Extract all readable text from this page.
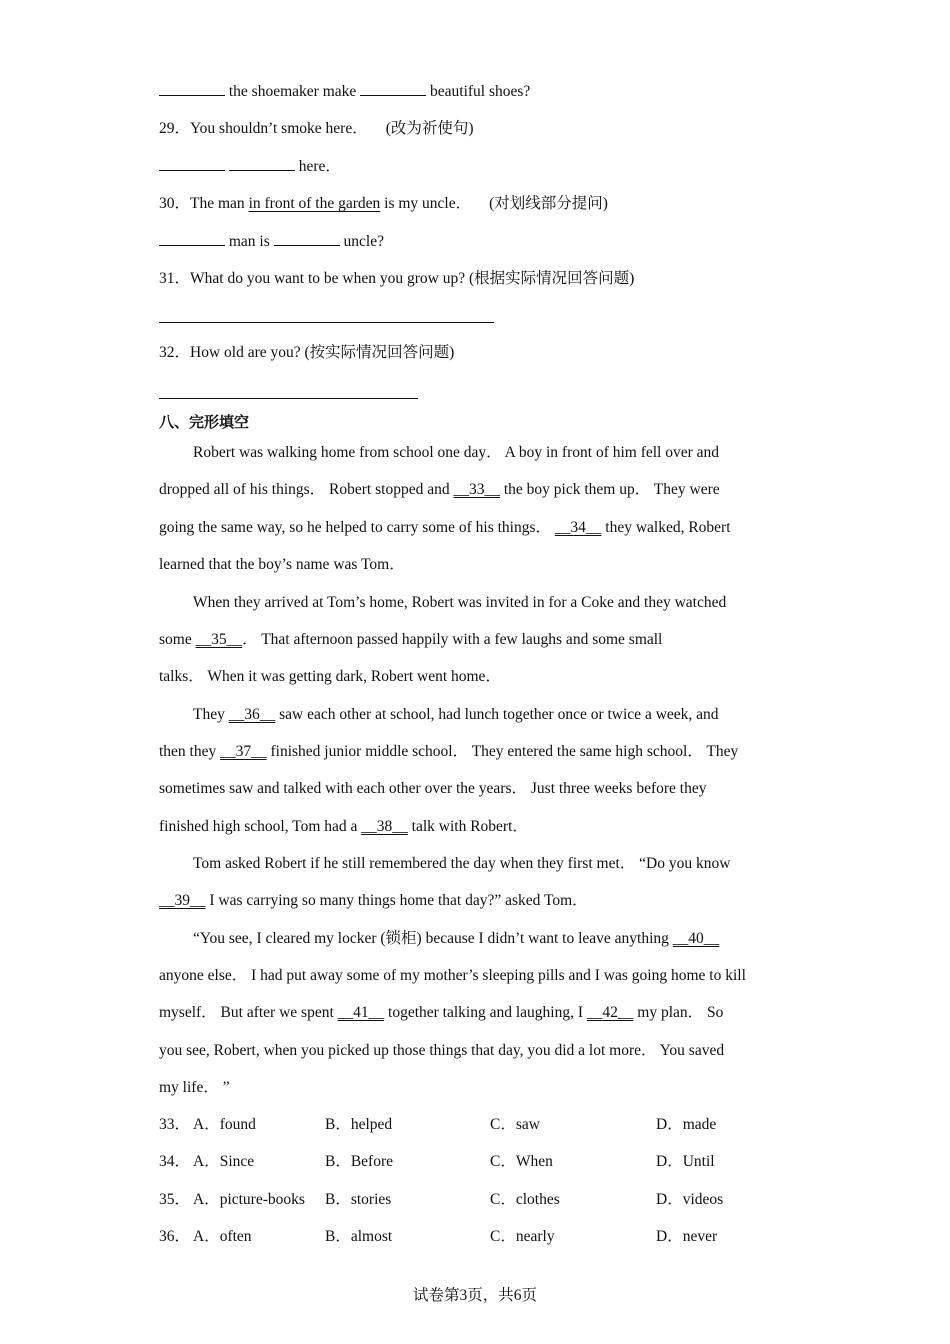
the shoemaker make	beautiful shoes?
29．You shouldn’t smoke here． (改为祈使句)
here．
30．The man in front of the garden is my uncle． (对划线部分提问)
man is	uncle?
31．What do you want to be when you grow up? (根据实际情况回答问题)
32．How old are you? (按实际情况回答问题)
八、完形填空
Robert was walking home from school one day． A boy in front of him fell over and
dropped all of his things． Robert stopped and __33__ the boy pick them up． They were
going the same way, so he helped to carry some of his things． __34__ they walked, Robert
learned that the boy’s name was Tom．
When they arrived at Tom’s home, Robert was invited in for a Coke and they watched
some __35__． That afternoon passed happily with a few laughs and some small
talks． When it was getting dark, Robert went home．
They __36__ saw each other at school, had lunch together once or twice a week, and
then they __37__ finished junior middle school． They entered the same high school． They
sometimes saw and talked with each other over the years． Just three weeks before they
finished high school, Tom had a __38__ talk with Robert．
Tom asked Robert if he still remembered the day when they first met． “Do you know
__39__ I was carrying so many things home that day?” asked Tom．
“You see, I cleared my locker (锁柜) because I didn’t want to leave anything __40__
anyone else． I had put away some of my mother’s sleeping pills and I was going home to kill
myself． But after we spent __41__ together talking and laughing, I __42__ my plan． So
you see, Robert, when you picked up those things that day, you did a lot more． You saved
my life． ”
33． A．found	B．helped	C．saw	D．made
34． A．Since	B．Before	C．When	D．Until
35． A．picture-books B．stories	C．clothes	D．videos
36． A．often	B．almost	C．nearly	D．never
试卷第3页，共6页
